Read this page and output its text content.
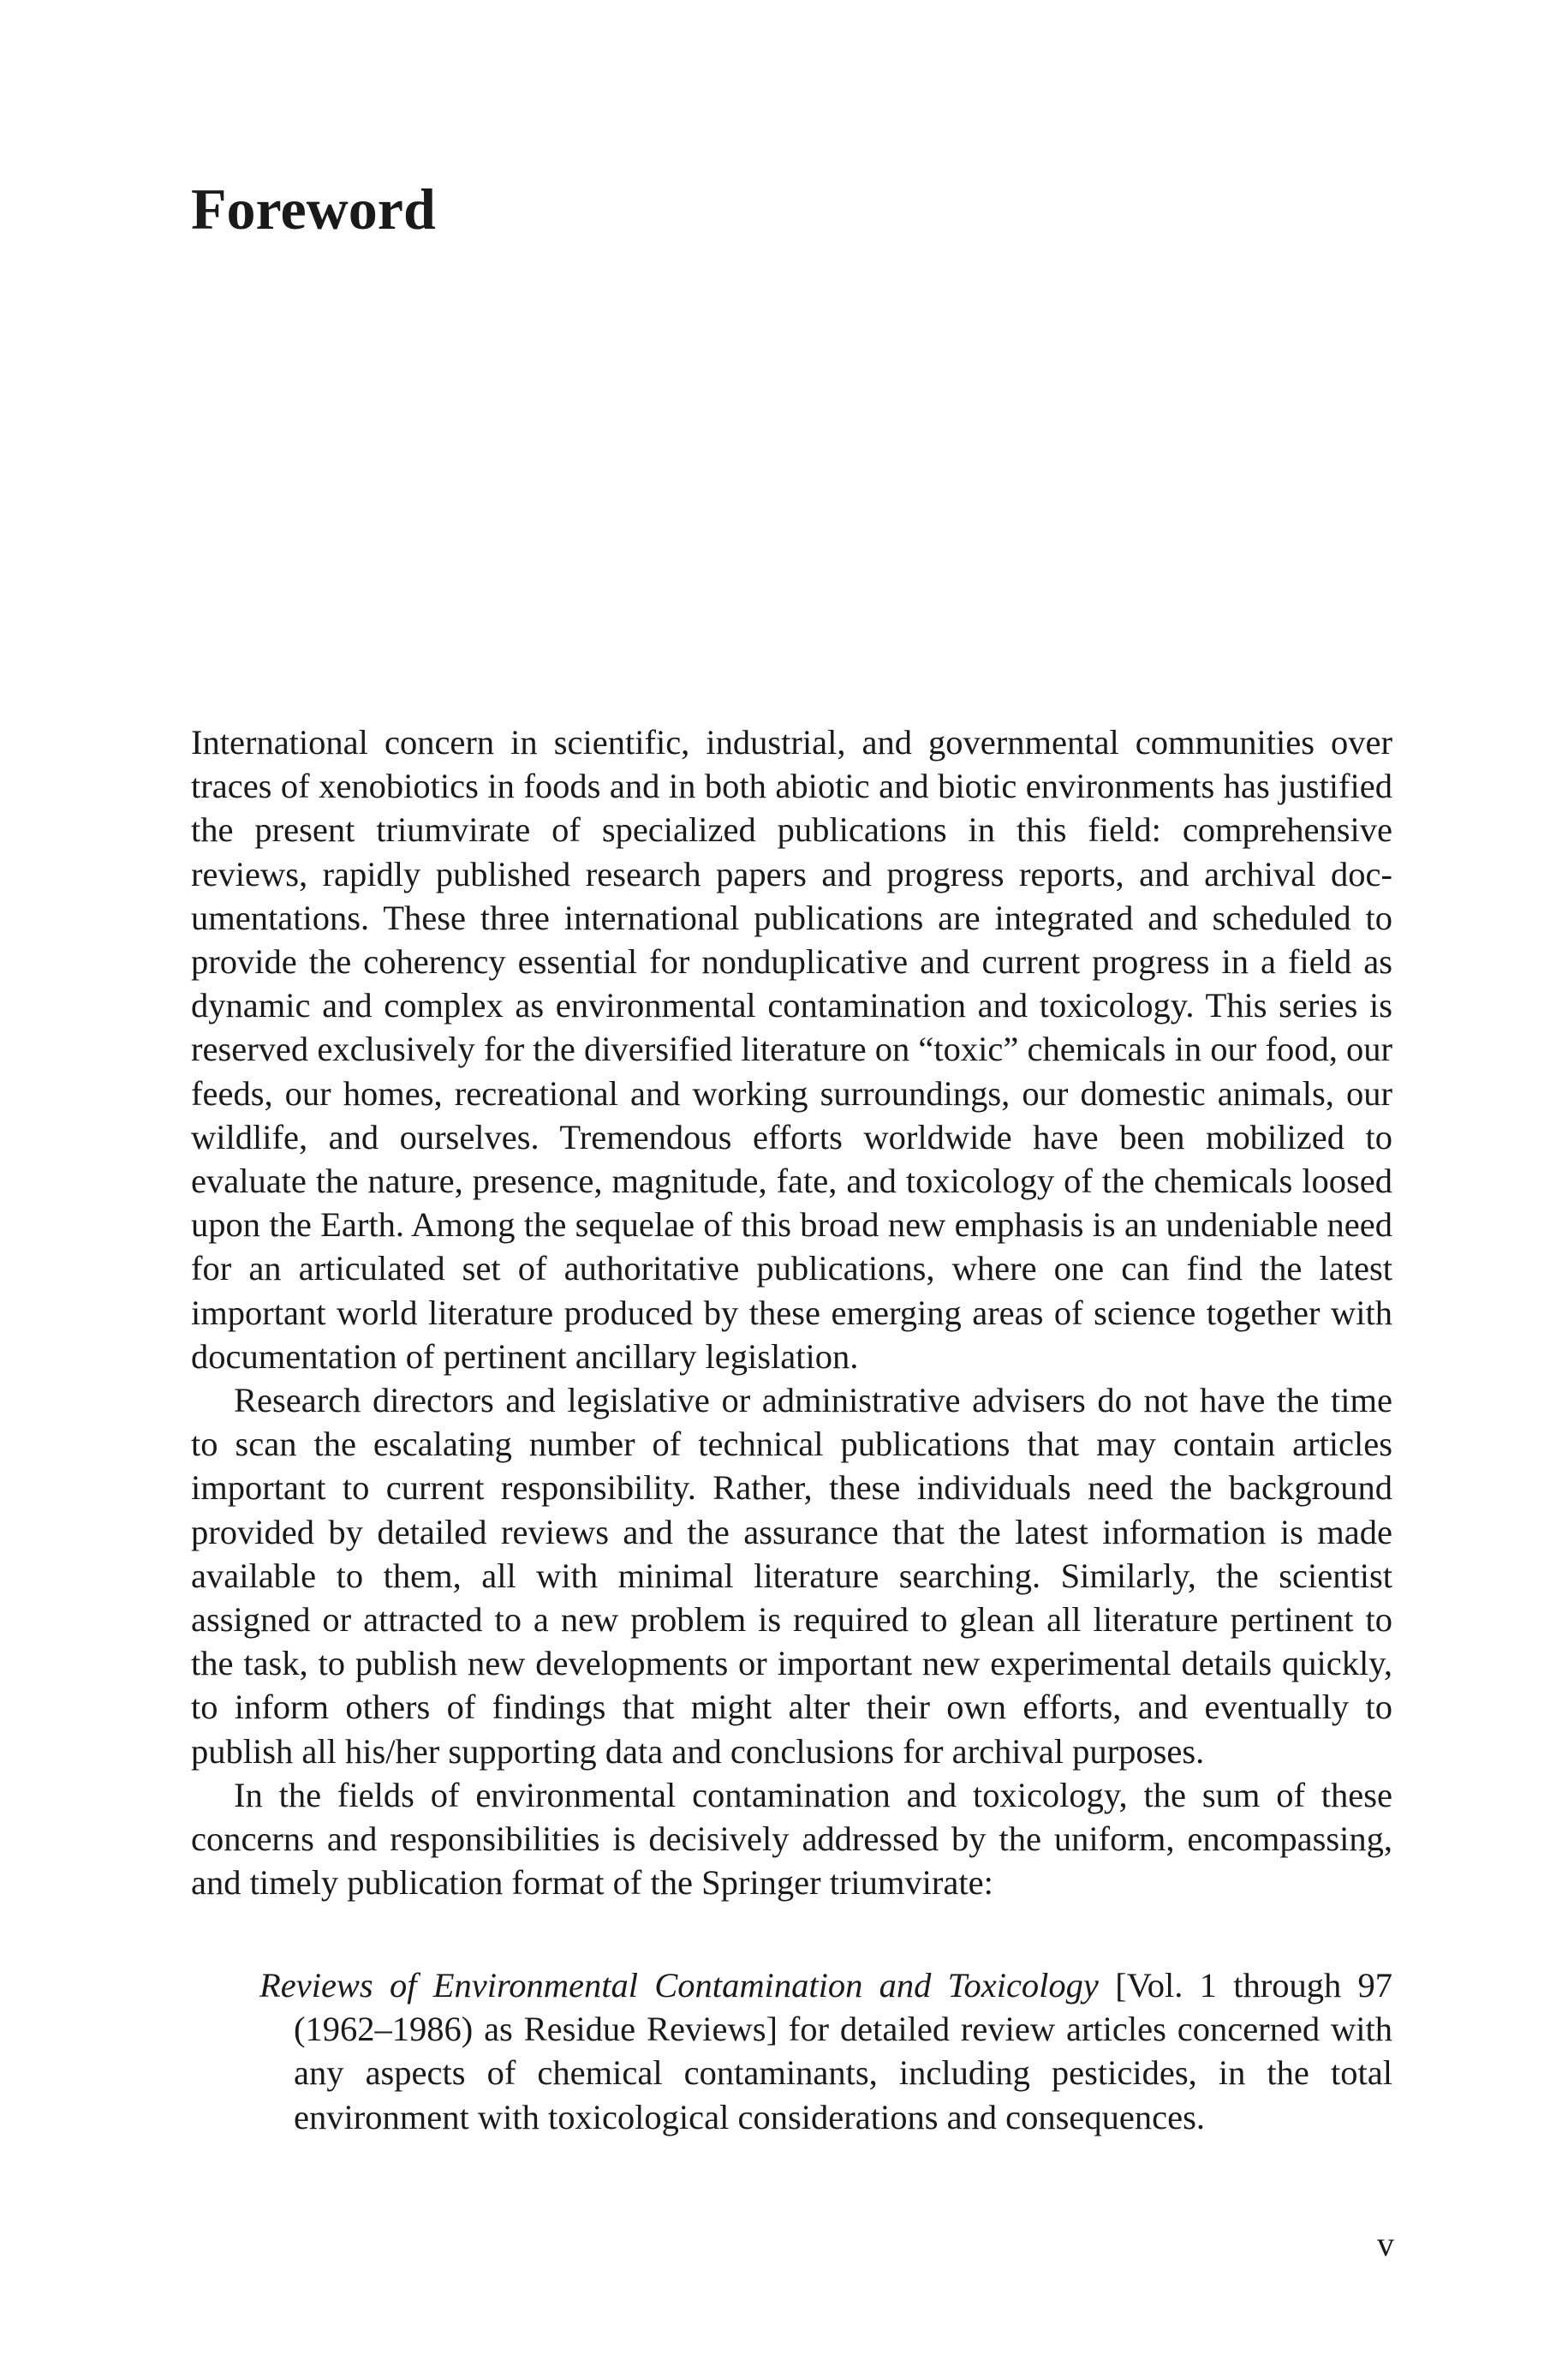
Foreword

International concern in scientific, industrial, and governmental communities over traces of xenobiotics in foods and in both abiotic and biotic environments has justified the present triumvirate of specialized publications in this field: comprehensive reviews, rapidly published research papers and progress reports, and archival documentations. These three international publications are integrated and scheduled to provide the coherency essential for nonduplicative and current progress in a field as dynamic and complex as environmental contamination and toxicology. This series is reserved exclusively for the diversified literature on “toxic” chemicals in our food, our feeds, our homes, recreational and working surroundings, our domestic animals, our wildlife, and ourselves. Tremendous efforts worldwide have been mobilized to evaluate the nature, presence, magnitude, fate, and toxicology of the chemicals loosed upon the Earth. Among the sequelae of this broad new emphasis is an undeniable need for an articulated set of authoritative publications, where one can find the latest important world literature produced by these emerging areas of science together with documentation of pertinent ancillary legislation.

Research directors and legislative or administrative advisers do not have the time to scan the escalating number of technical publications that may contain articles important to current responsibility. Rather, these individuals need the background provided by detailed reviews and the assurance that the latest information is made available to them, all with minimal literature searching. Similarly, the scientist assigned or attracted to a new problem is required to glean all literature pertinent to the task, to publish new developments or important new experimental details quickly, to inform others of findings that might alter their own efforts, and eventually to publish all his/her supporting data and conclusions for archival purposes.

In the fields of environmental contamination and toxicology, the sum of these concerns and responsibilities is decisively addressed by the uniform, encompassing, and timely publication format of the Springer triumvirate:

Reviews of Environmental Contamination and Toxicology [Vol. 1 through 97 (1962–1986) as Residue Reviews] for detailed review articles concerned with any aspects of chemical contaminants, including pesticides, in the total environment with toxicological considerations and consequences.
v
